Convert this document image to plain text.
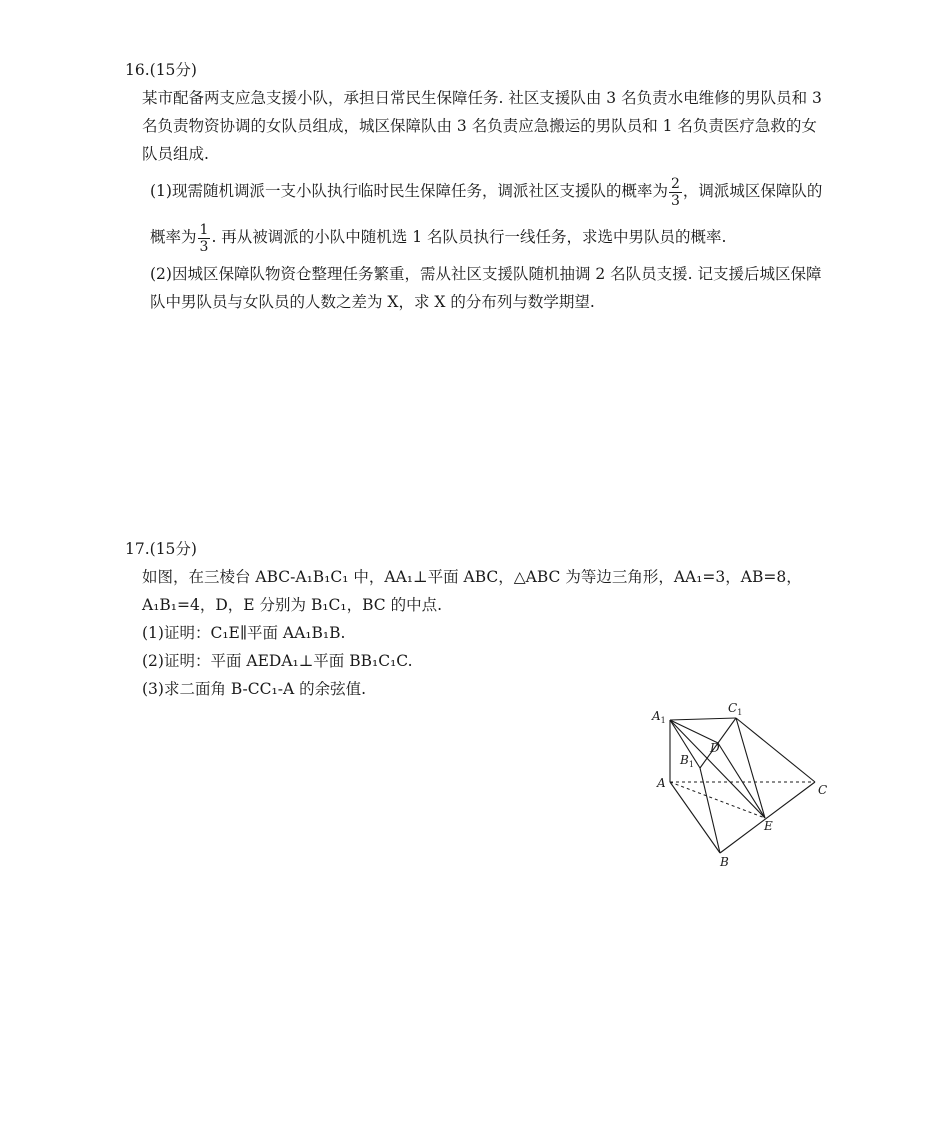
16.(15分)

某市配备两支应急支援小队，承担日常民生保障任务. 社区支援队由 3 名负责水电维修的男队员和 3 名负责物资协调的女队员组成，城区保障队由 3 名负责应急搬运的男队员和 1 名负责医疗急救的女队员组成.

(1)现需随机调派一支小队执行临时民生保障任务，调派社区支援队的概率为 $\frac{2}{3}$ ，调派城区保障队的概率为 $\frac{1}{3}$ . 再从被调派的小队中随机选 1 名队员执行一线任务，求选中男队员的概率.

(2)因城区保障队物资仓整理任务繁重，需从社区支援队随机抽调 2 名队员支援. 记支援后城区保障队中男队员与女队员的人数之差为 X，求 X 的分布列与数学期望.

17.(15分)

如图，在三棱台 ABC-A₁B₁C₁ 中，AA₁⊥平面 ABC，△ABC 为等边三角形，AA₁=3，AB=8，A₁B₁=4，D，E 分别为 B₁C₁，BC 的中点.

(1)证明：C₁E∥平面 AA₁B₁B.

(2)证明：平面 AEDA₁⊥平面 BB₁C₁C.

(3)求二面角 B-CC₁-A 的余弦值.

$A_1$
$C_1$
$B_1$
D
A	C
E
B
